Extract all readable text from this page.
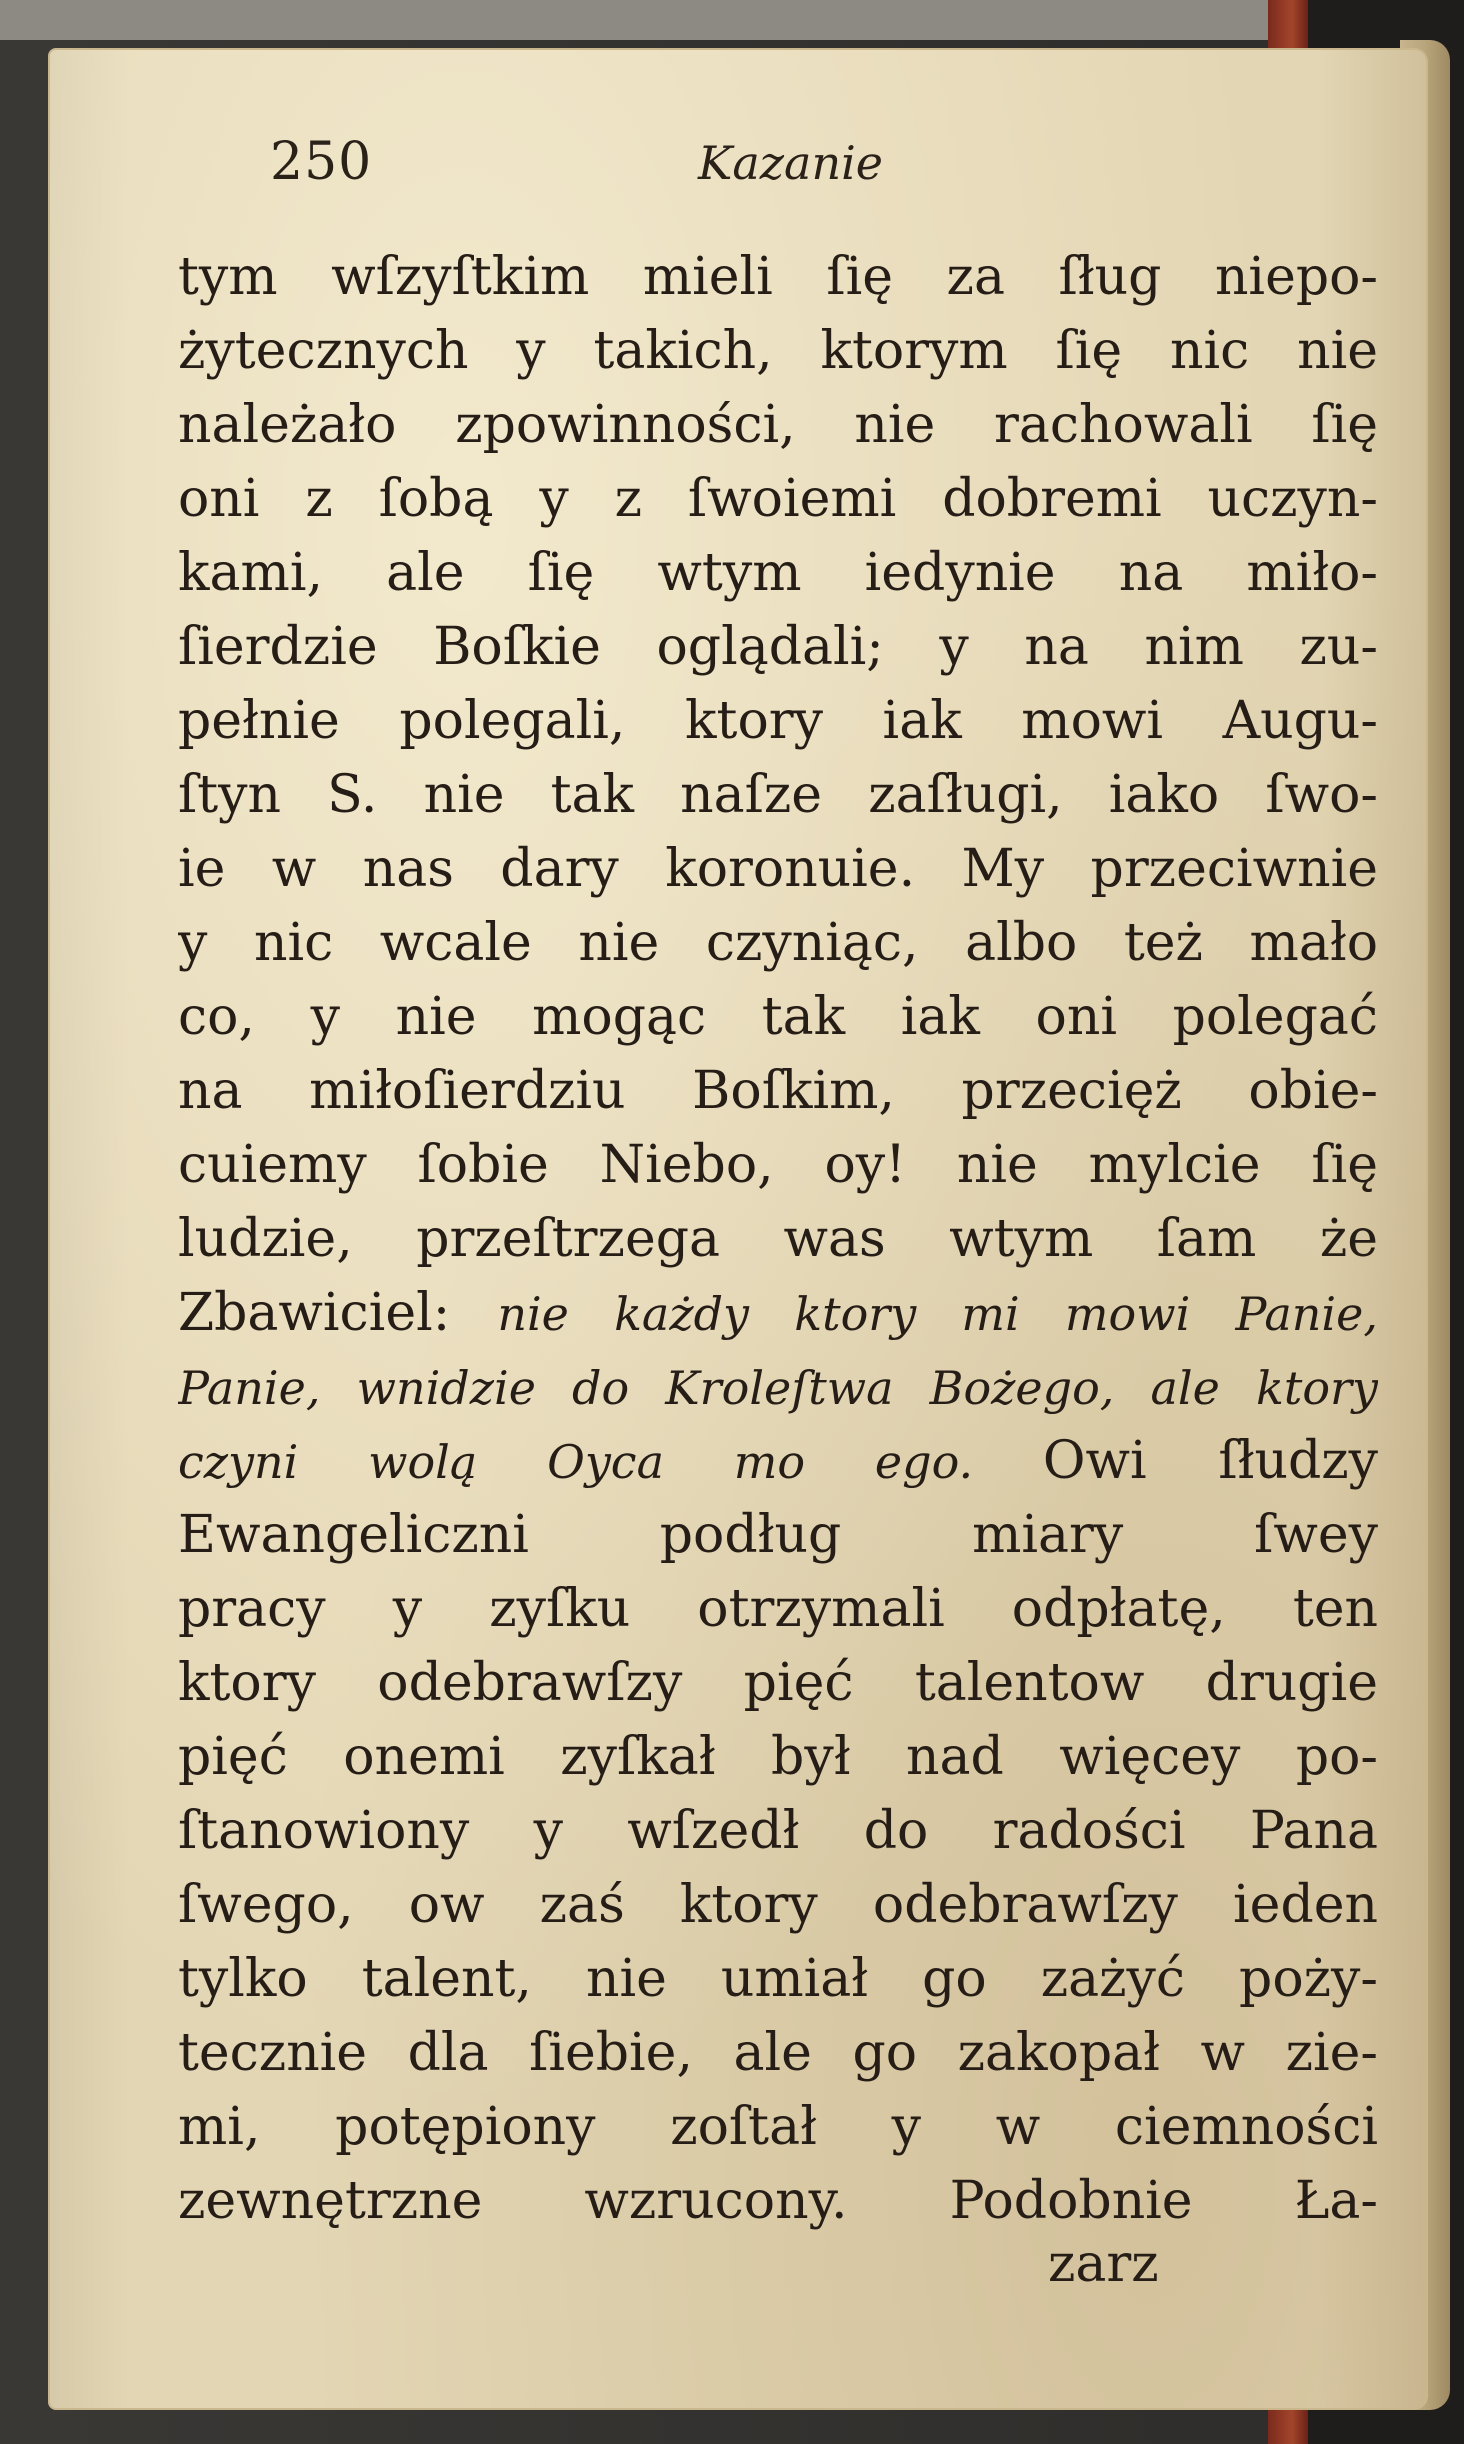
250	Kazanie
tym wſzyſtkim mieli ſię za ſług niepo-
żytecznych y takich, ktorym ſię nic nie
należało zpowinności, nie rachowali ſię
oni z ſobą y z ſwoiemi dobremi uczyn-
kami, ale ſię wtym iedynie na miło-
ſierdzie Boſkie oglądali; y na nim zu-
pełnie polegali, ktory iak mowi Augu-
ſtyn S. nie tak naſze zaſługi, iako ſwo-
ie w nas dary koronuie. My przeciwnie
y nic wcale nie czyniąc, albo też mało
co, y nie mogąc tak iak oni polegać
na miłoſierdziu Boſkim, przecięż obie-
cuiemy ſobie Niebo, oy! nie mylcie ſię
ludzie, przeſtrzega was wtym ſam że
Zbawiciel: nie każdy ktory mi mowi Panie,
Panie, wnidzie do Kroleſtwa Bożego, ale ktory
czyni wolą Oyca mo ego. Owi ſłudzy
Ewangeliczni podług miary ſwey
pracy y zyſku otrzymali odpłatę, ten
ktory odebrawſzy pięć talentow drugie
pięć onemi zyſkał był nad więcey po-
ſtanowiony y wſzedł do radości Pana
ſwego, ow zaś ktory odebrawſzy ieden
tylko talent, nie umiał go zażyć poży-
tecznie dla ſiebie, ale go zakopał w zie-
mi, potępiony zoſtał y w ciemności
zewnętrzne wzrucony. Podobnie Ła-
zarz
